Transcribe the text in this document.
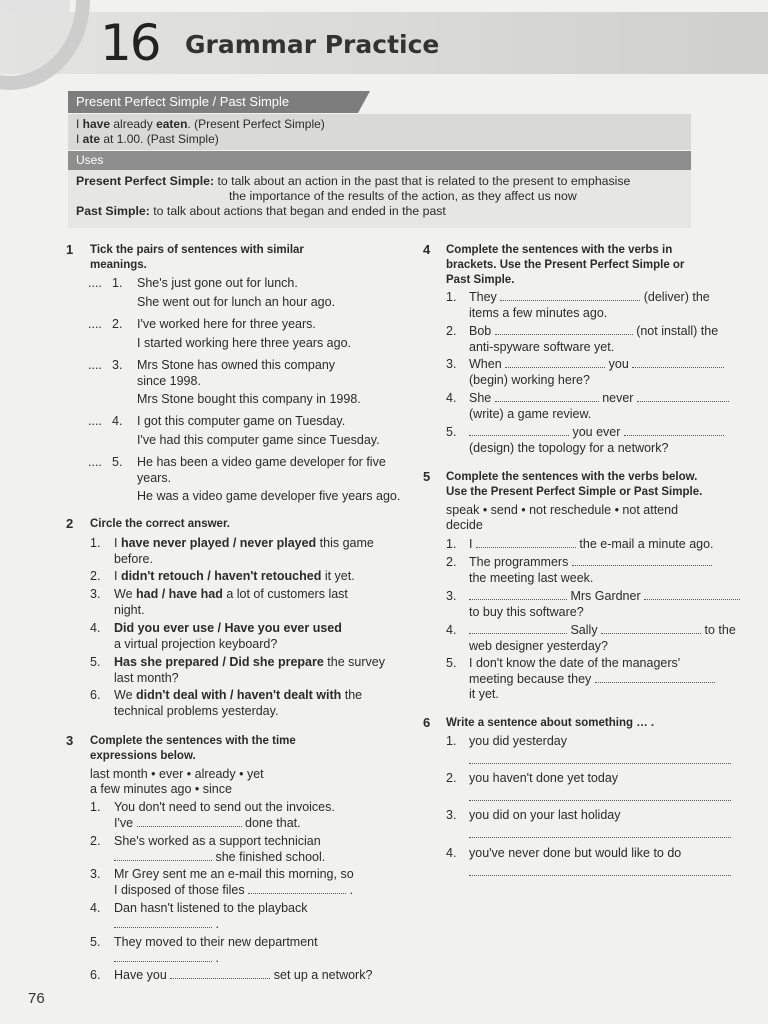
16 Grammar Practice
Present Perfect Simple / Past Simple
I have already eaten. (Present Perfect Simple)
I ate at 1.00. (Past Simple)
Uses
Present Perfect Simple: to talk about an action in the past that is related to the present to emphasise
the importance of the results of the action, as they affect us now
Past Simple: to talk about actions that began and ended in the past
1 Tick the pairs of sentences with similar
meanings.
.... 1. She's just gone out for lunch.
She went out for lunch an hour ago.
.... 2. I've worked here for three years.
I started working here three years ago.
.... 3. Mrs Stone has owned this company
since 1998.
Mrs Stone bought this company in 1998.
.... 4. I got this computer game on Tuesday.
I've had this computer game since Tuesday.
.... 5. He has been a video game developer for five
years.
He was a video game developer five years ago.
2 Circle the correct answer.
1. I have never played / never played this game
before.
2. I didn't retouch / haven't retouched it yet.
3. We had / have had a lot of customers last
night.
4. Did you ever use / Have you ever used
a virtual projection keyboard?
5. Has she prepared / Did she prepare the survey
last month?
6. We didn't deal with / haven't dealt with the
technical problems yesterday.
3 Complete the sentences with the time
expressions below.
last month • ever • already • yet
a few minutes ago • since
1. You don't need to send out the invoices.
I've	done that.
2. She's worked as a support technician
she finished school.
3. Mr Grey sent me an e-mail this morning, so
I disposed of those files	.
4. Dan hasn't listened to the playback
.
5. They moved to their new department
.
6. Have you	set up a network?
4 Complete the sentences with the verbs in
brackets. Use the Present Perfect Simple or
Past Simple.
1. They	(deliver) the
items a few minutes ago.
2. Bob	(not install) the
anti-spyware software yet.
3. When	you
(begin) working here?
4. She	never
(write) a game review.
5.	you ever
(design) the topology for a network?
5 Complete the sentences with the verbs below.
Use the Present Perfect Simple or Past Simple.
speak • send • not reschedule • not attend
decide
1. I	the e-mail a minute ago.
2. The programmers
the meeting last week.
3.	Mrs Gardner
to buy this software?
4.	Sally	to the
web designer yesterday?
5. I don't know the date of the managers'
meeting because they
it yet.
6 Write a sentence about something … .
1. you did yesterday
2. you haven't done yet today
3. you did on your last holiday
4. you've never done but would like to do
76
